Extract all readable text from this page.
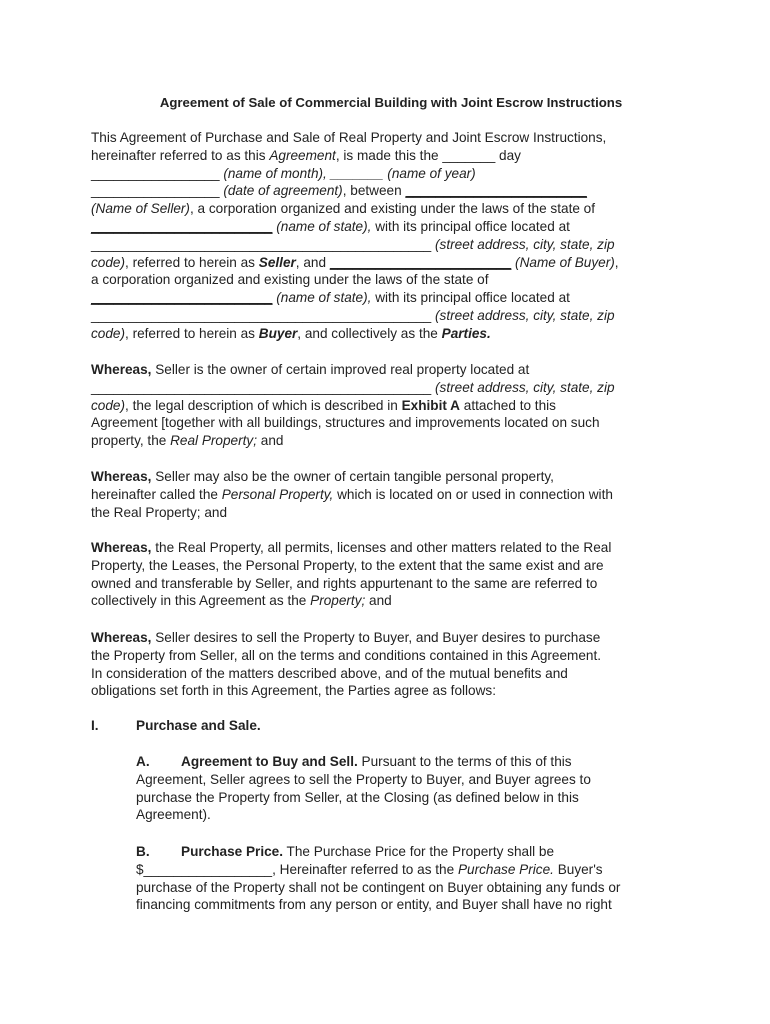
Agreement of Sale of Commercial Building with Joint Escrow Instructions
This Agreement of Purchase and Sale of Real Property and Joint Escrow Instructions,
hereinafter referred to as this Agreement, is made this the _______ day
_________________ (name of month), _______ (name of year)
_________________ (date of agreement), between ________________________
(Name of Seller), a corporation organized and existing under the laws of the state of
________________________ (name of state), with its principal office located at
_____________________________________________ (street address, city, state, zip
code), referred to herein as Seller, and ________________________ (Name of Buyer),
a corporation organized and existing under the laws of the state of
________________________ (name of state), with its principal office located at
_____________________________________________ (street address, city, state, zip
code), referred to herein as Buyer, and collectively as the Parties.
Whereas, Seller is the owner of certain improved real property located at
_____________________________________________ (street address, city, state, zip
code), the legal description of which is described in Exhibit A attached to this
Agreement [together with all buildings, structures and improvements located on such
property, the Real Property; and
Whereas, Seller may also be the owner of certain tangible personal property,
hereinafter called the Personal Property, which is located on or used in connection with
the Real Property; and
Whereas, the Real Property, all permits, licenses and other matters related to the Real
Property, the Leases, the Personal Property, to the extent that the same exist and are
owned and transferable by Seller, and rights appurtenant to the same are referred to
collectively in this Agreement as the Property; and
Whereas, Seller desires to sell the Property to Buyer, and Buyer desires to purchase
the Property from Seller, all on the terms and conditions contained in this Agreement.
In consideration of the matters described above, and of the mutual benefits and
obligations set forth in this Agreement, the Parties agree as follows:
I.	Purchase and Sale.
A. Agreement to Buy and Sell. Pursuant to the terms of this of this
Agreement, Seller agrees to sell the Property to Buyer, and Buyer agrees to
purchase the Property from Seller, at the Closing (as defined below in this
Agreement).
B. Purchase Price. The Purchase Price for the Property shall be
$_________________, Hereinafter referred to as the Purchase Price. Buyer's
purchase of the Property shall not be contingent on Buyer obtaining any funds or
financing commitments from any person or entity, and Buyer shall have no right
